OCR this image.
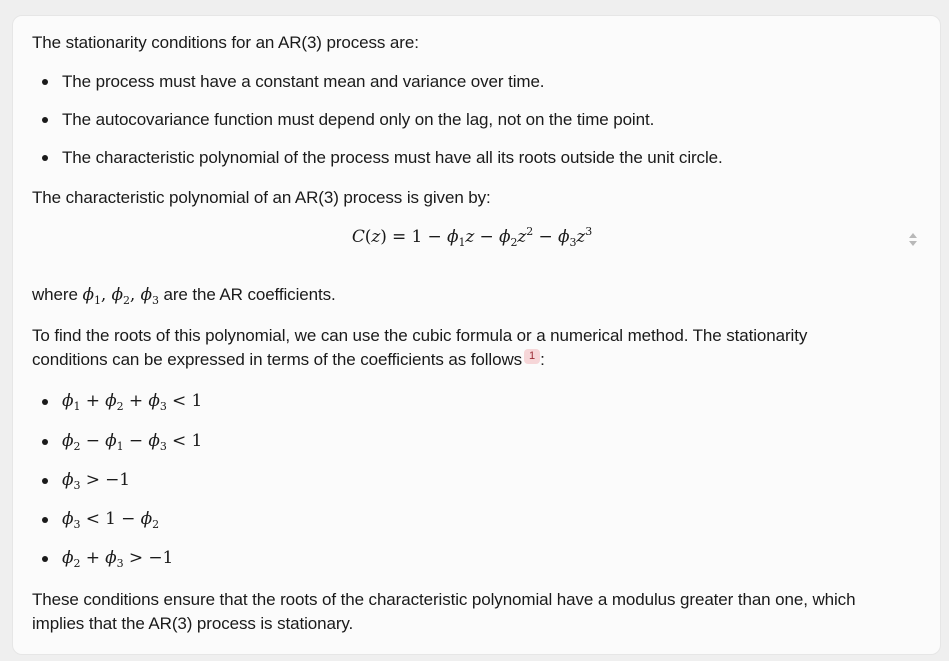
The stationarity conditions for an AR(3) process are:
The process must have a constant mean and variance over time.
The autocovariance function must depend only on the lag, not on the time point.
The characteristic polynomial of the process must have all its roots outside the unit circle.
The characteristic polynomial of an AR(3) process is given by:
$C(z) = 1 - \phi_1z - \phi_2z^2 - \phi_3z^3$
where $\phi_1$, $\phi_2$, $\phi_3$ are the AR coefficients.
To find the roots of this polynomial, we can use the cubic formula or a numerical method. The stationarity
conditions can be expressed in terms of the coefficients as follows 1 :
$\phi_1 + \phi_2 + \phi_3 < 1$
$\phi_2 - \phi_1 - \phi_3 < 1$
$\phi_3 > -1$
$\phi_3 < 1 - \phi_2$
$\phi_2 + \phi_3 > -1$
These conditions ensure that the roots of the characteristic polynomial have a modulus greater than one, which
implies that the AR(3) process is stationary.
